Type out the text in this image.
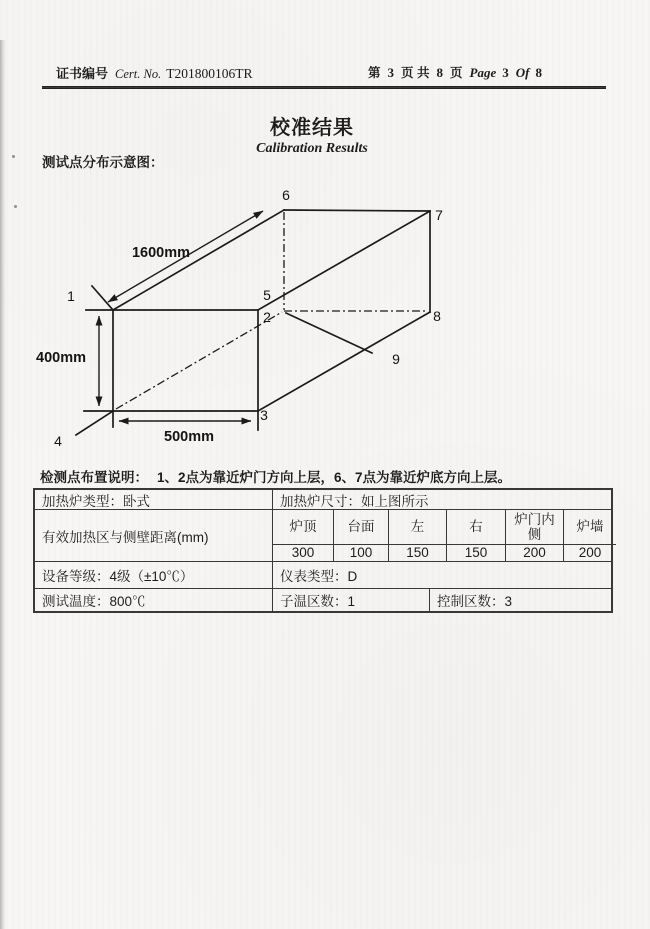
证书编号 Cert. No. T201800106TR	第 3 页 共 8 页 Page 3 Of 8
校准结果
Calibration Results
测试点分布示意图：
1600mm
400mm
500mm
1
2
3
4
5
6
7
8
9
检测点布置说明： 1、2点为靠近炉门方向上层，6、7点为靠近炉底方向上层。
加热炉类型：卧式	加热炉尺寸：如上图所示
有效加热区与侧壁距离(mm)
炉顶	台面	左	右	炉门内侧	炉墙
300	100	150	150	200	200
设备等级：4级（±10℃）	仪表类型：D
测试温度：800℃	子温区数：1	控制区数：3
